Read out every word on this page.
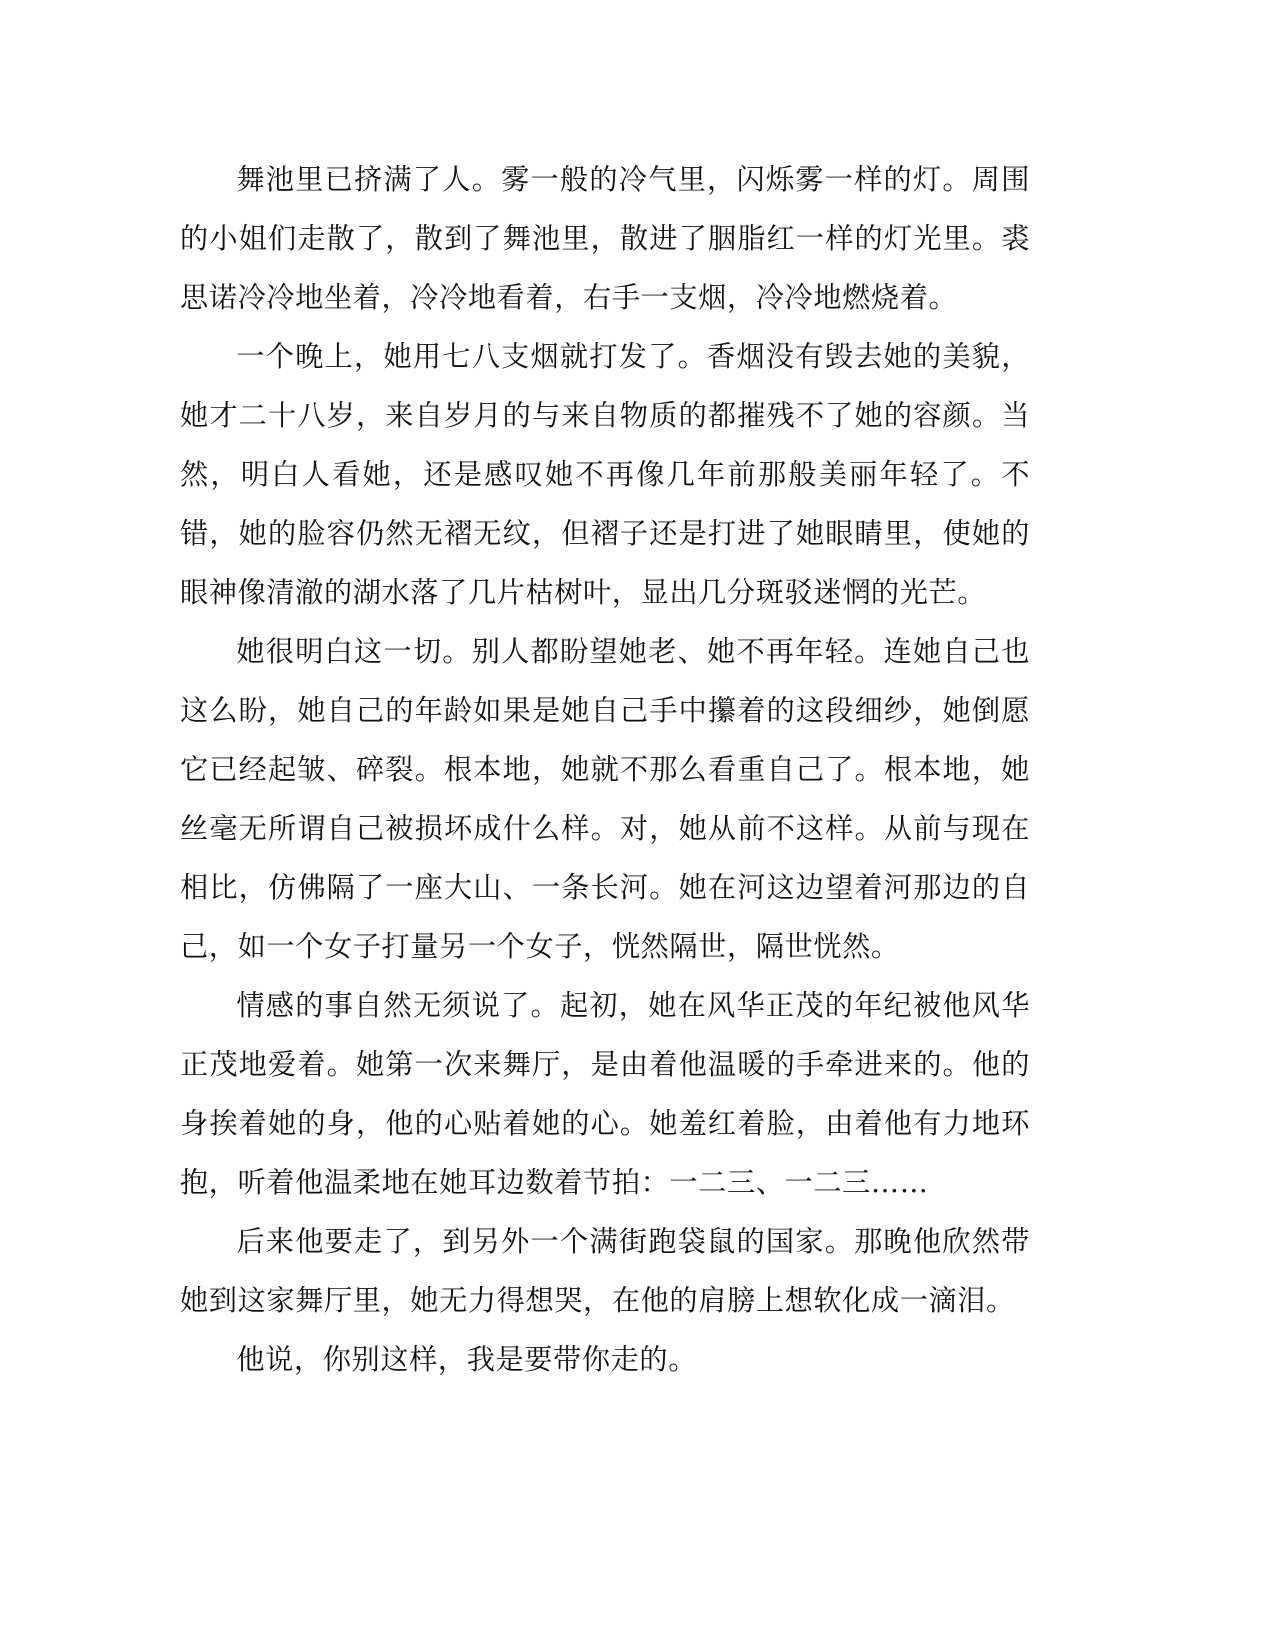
舞池里已挤满了人。雾一般的冷气里，闪烁雾一样的灯。周围的小姐们走散了，散到了舞池里，散进了胭脂红一样的灯光里。裘思诺冷冷地坐着，冷冷地看着，右手一支烟，冷冷地燃烧着。

一个晚上，她用七八支烟就打发了。香烟没有毁去她的美貌，她才二十八岁，来自岁月的与来自物质的都摧残不了她的容颜。当然，明白人看她，还是感叹她不再像几年前那般美丽年轻了。不错，她的脸容仍然无褶无纹，但褶子还是打进了她眼睛里，使她的眼神像清澈的湖水落了几片枯树叶，显出几分斑驳迷惘的光芒。

她很明白这一切。别人都盼望她老、她不再年轻。连她自己也这么盼，她自己的年龄如果是她自己手中攥着的这段细纱，她倒愿它已经起皱、碎裂。根本地，她就不那么看重自己了。根本地，她丝毫无所谓自己被损坏成什么样。对，她从前不这样。从前与现在相比，仿佛隔了一座大山、一条长河。她在河这边望着河那边的自己，如一个女子打量另一个女子，恍然隔世，隔世恍然。

情感的事自然无须说了。起初，她在风华正茂的年纪被他风华正茂地爱着。她第一次来舞厅，是由着他温暖的手牵进来的。他的身挨着她的身，他的心贴着她的心。她羞红着脸，由着他有力地环抱，听着他温柔地在她耳边数着节拍：一二三、一二三……

后来他要走了，到另外一个满街跑袋鼠的国家。那晚他欣然带她到这家舞厅里，她无力得想哭，在他的肩膀上想软化成一滴泪。

他说，你别这样，我是要带你走的。
